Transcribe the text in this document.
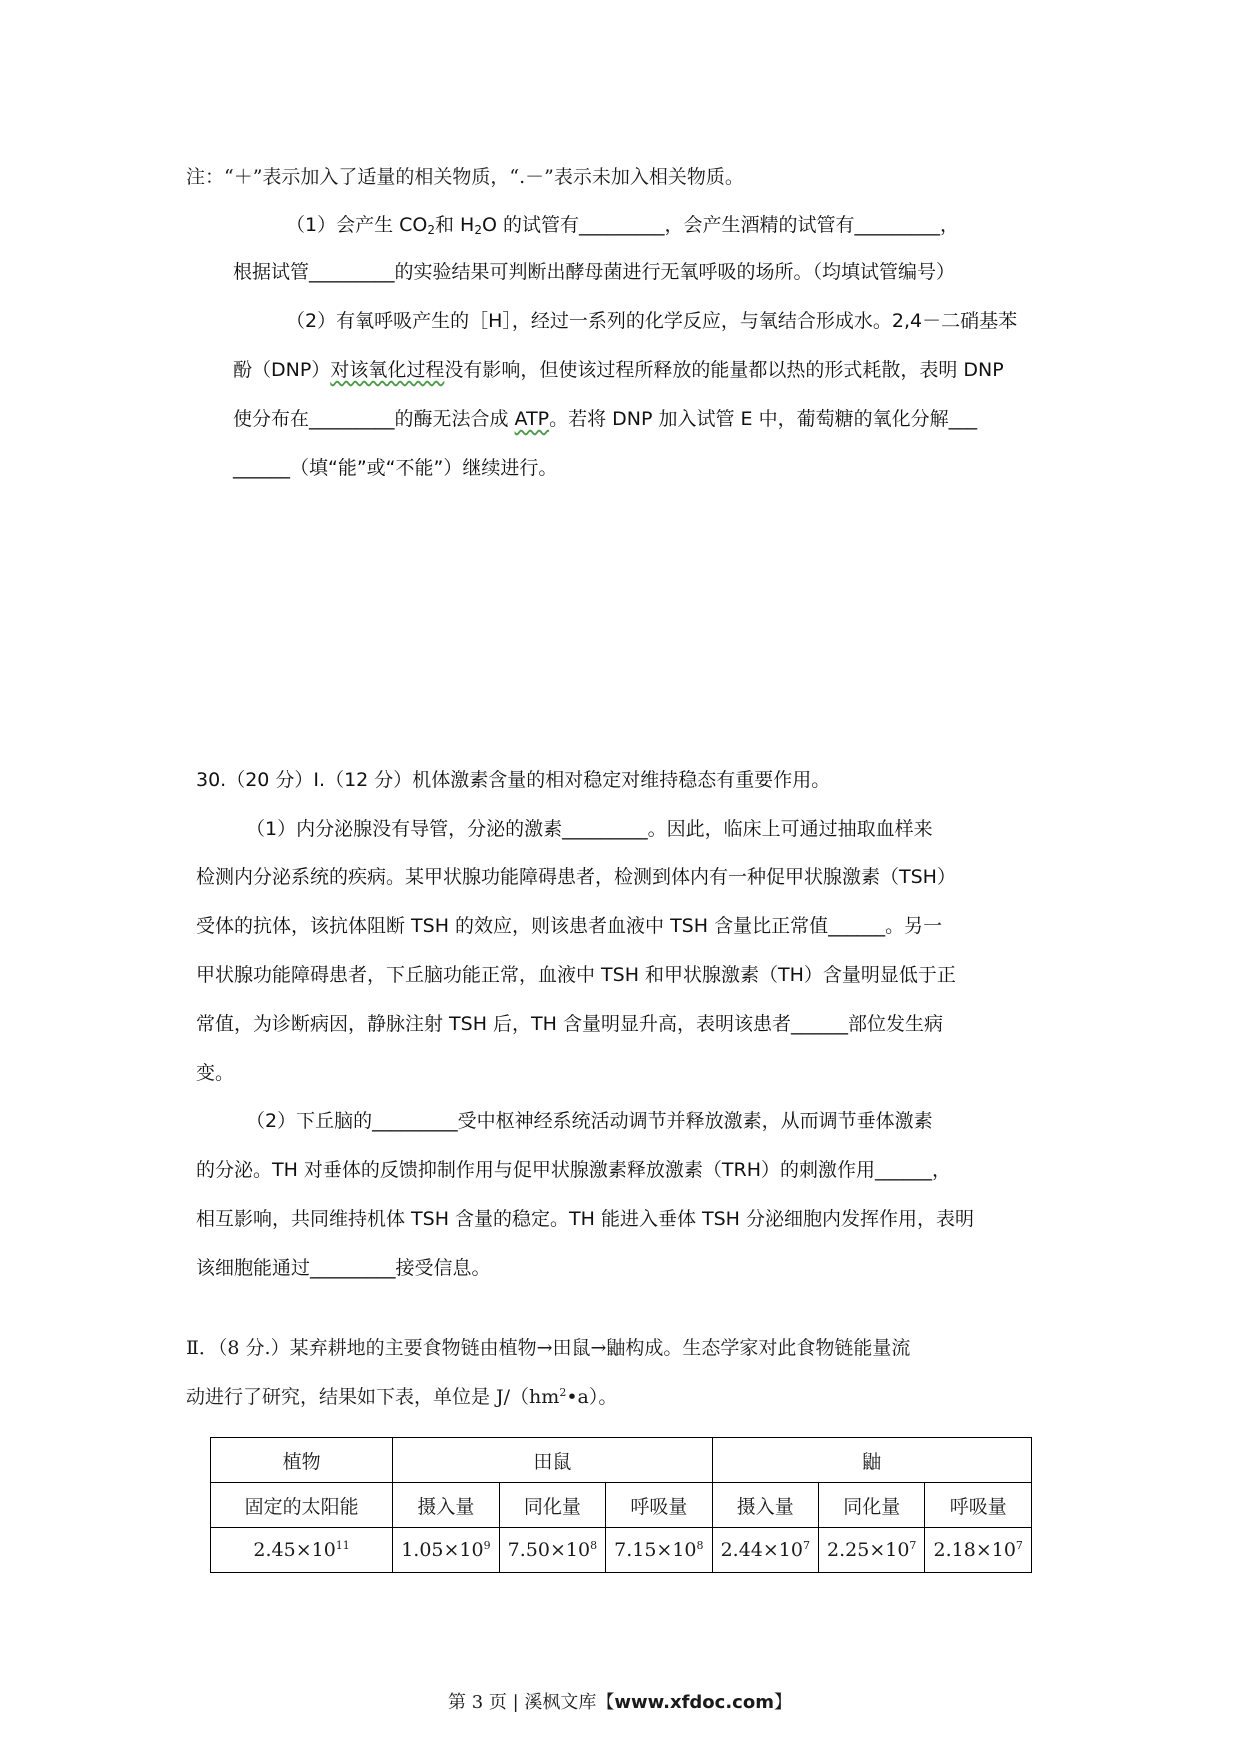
注：“＋”表示加入了适量的相关物质，“.－”表示未加入相关物质。
（1）会产生 $CO_2$和 $H_2O$ 的试管有_________，会产生酒精的试管有_________，
根据试管_________的实验结果可判断出酵母菌进行无氧呼吸的场所。（均填试管编号）
（2）有氧呼吸产生的［H］，经过一系列的化学反应，与氧结合形成水。2,4－二硝基苯
酚（DNP）对该氧化过程没有影响，但使该过程所释放的能量都以热的形式耗散，表明 DNP
使分布在_________的酶无法合成 ATP。若将 DNP 加入试管 E 中，葡萄糖的氧化分解___
______（填“能”或“不能”）继续进行。
30.（20 分）Ⅰ.（12 分）机体激素含量的相对稳定对维持稳态有重要作用。
（1）内分泌腺没有导管，分泌的激素_________。因此，临床上可通过抽取血样来
检测内分泌系统的疾病。某甲状腺功能障碍患者，检测到体内有一种促甲状腺激素（TSH）
受体的抗体，该抗体阻断 TSH 的效应，则该患者血液中 TSH 含量比正常值______。另一
甲状腺功能障碍患者，下丘脑功能正常，血液中 TSH 和甲状腺激素（TH）含量明显低于正
常值，为诊断病因，静脉注射 TSH 后，TH 含量明显升高，表明该患者______部位发生病
变。
（2）下丘脑的_________受中枢神经系统活动调节并释放激素，从而调节垂体激素
的分泌。TH 对垂体的反馈抑制作用与促甲状腺激素释放激素（TRH）的刺激作用______，
相互影响，共同维持机体 TSH 含量的稳定。TH 能进入垂体 TSH 分泌细胞内发挥作用，表明
该细胞能通过_________接受信息。
Ⅱ．（8 分.）某弃耕地的主要食物链由植物→田鼠→鼬构成。生态学家对此食物链能量流
动进行了研究，结果如下表，单位是 $J/(hm^2•a)$。
植物	田鼠			鼬		
固定的太阳能	摄入量	同化量	呼吸量	摄入量	同化量	呼吸量
$2.45\times 10^{11}$	$1.05\times 10^9$	$7.50\times 10^8$	$7.15\times 10^8$	$2.44\times 10^7$	$2.25\times 10^7$	$2.18\times 10^7$
第 3 页 | 溪枫文库【www.xfdoc.com】
